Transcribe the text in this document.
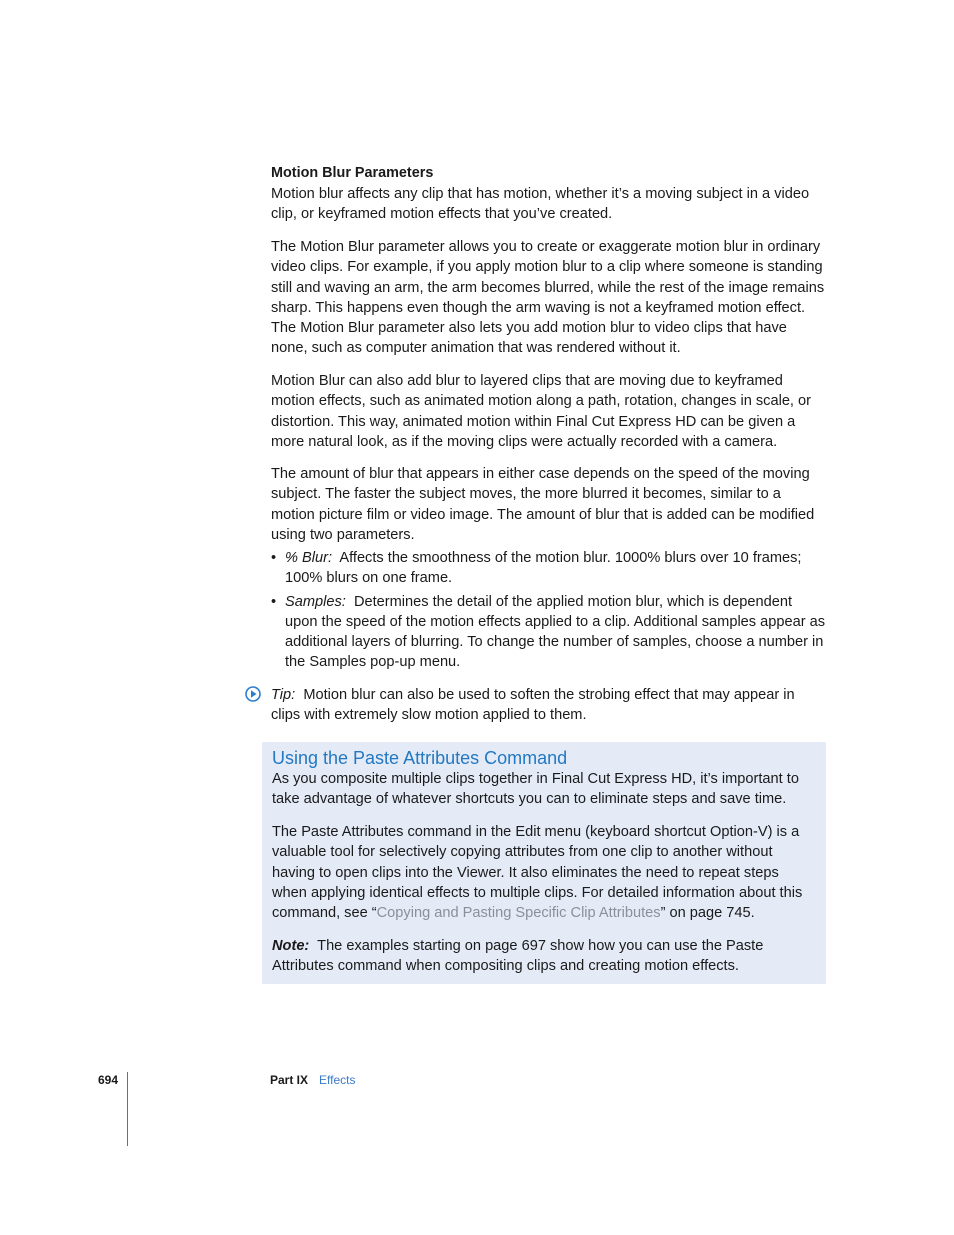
Motion Blur Parameters

Motion blur affects any clip that has motion, whether it’s a moving subject in a video clip, or keyframed motion effects that you’ve created.

The Motion Blur parameter allows you to create or exaggerate motion blur in ordinary video clips. For example, if you apply motion blur to a clip where someone is standing still and waving an arm, the arm becomes blurred, while the rest of the image remains sharp. This happens even though the arm waving is not a keyframed motion effect. The Motion Blur parameter also lets you add motion blur to video clips that have none, such as computer animation that was rendered without it.

Motion Blur can also add blur to layered clips that are moving due to keyframed motion effects, such as animated motion along a path, rotation, changes in scale, or distortion. This way, animated motion within Final Cut Express HD can be given a more natural look, as if the moving clips were actually recorded with a camera.

The amount of blur that appears in either case depends on the speed of the moving subject. The faster the subject moves, the more blurred it becomes, similar to a motion picture film or video image. The amount of blur that is added can be modified using two parameters.

• % Blur: Affects the smoothness of the motion blur. 1000% blurs over 10 frames; 100% blurs on one frame.
• Samples: Determines the detail of the applied motion blur, which is dependent upon the speed of the motion effects applied to a clip. Additional samples appear as additional layers of blurring. To change the number of samples, choose a number in the Samples pop-up menu.

Tip: Motion blur can also be used to soften the strobing effect that may appear in clips with extremely slow motion applied to them.

Using the Paste Attributes Command

As you composite multiple clips together in Final Cut Express HD, it’s important to take advantage of whatever shortcuts you can to eliminate steps and save time.

The Paste Attributes command in the Edit menu (keyboard shortcut Option-V) is a valuable tool for selectively copying attributes from one clip to another without having to open clips into the Viewer. It also eliminates the need to repeat steps when applying identical effects to multiple clips. For detailed information about this command, see “Copying and Pasting Specific Clip Attributes” on page 745.

Note: The examples starting on page 697 show how you can use the Paste Attributes command when compositing clips and creating motion effects.

694	Part IX Effects
